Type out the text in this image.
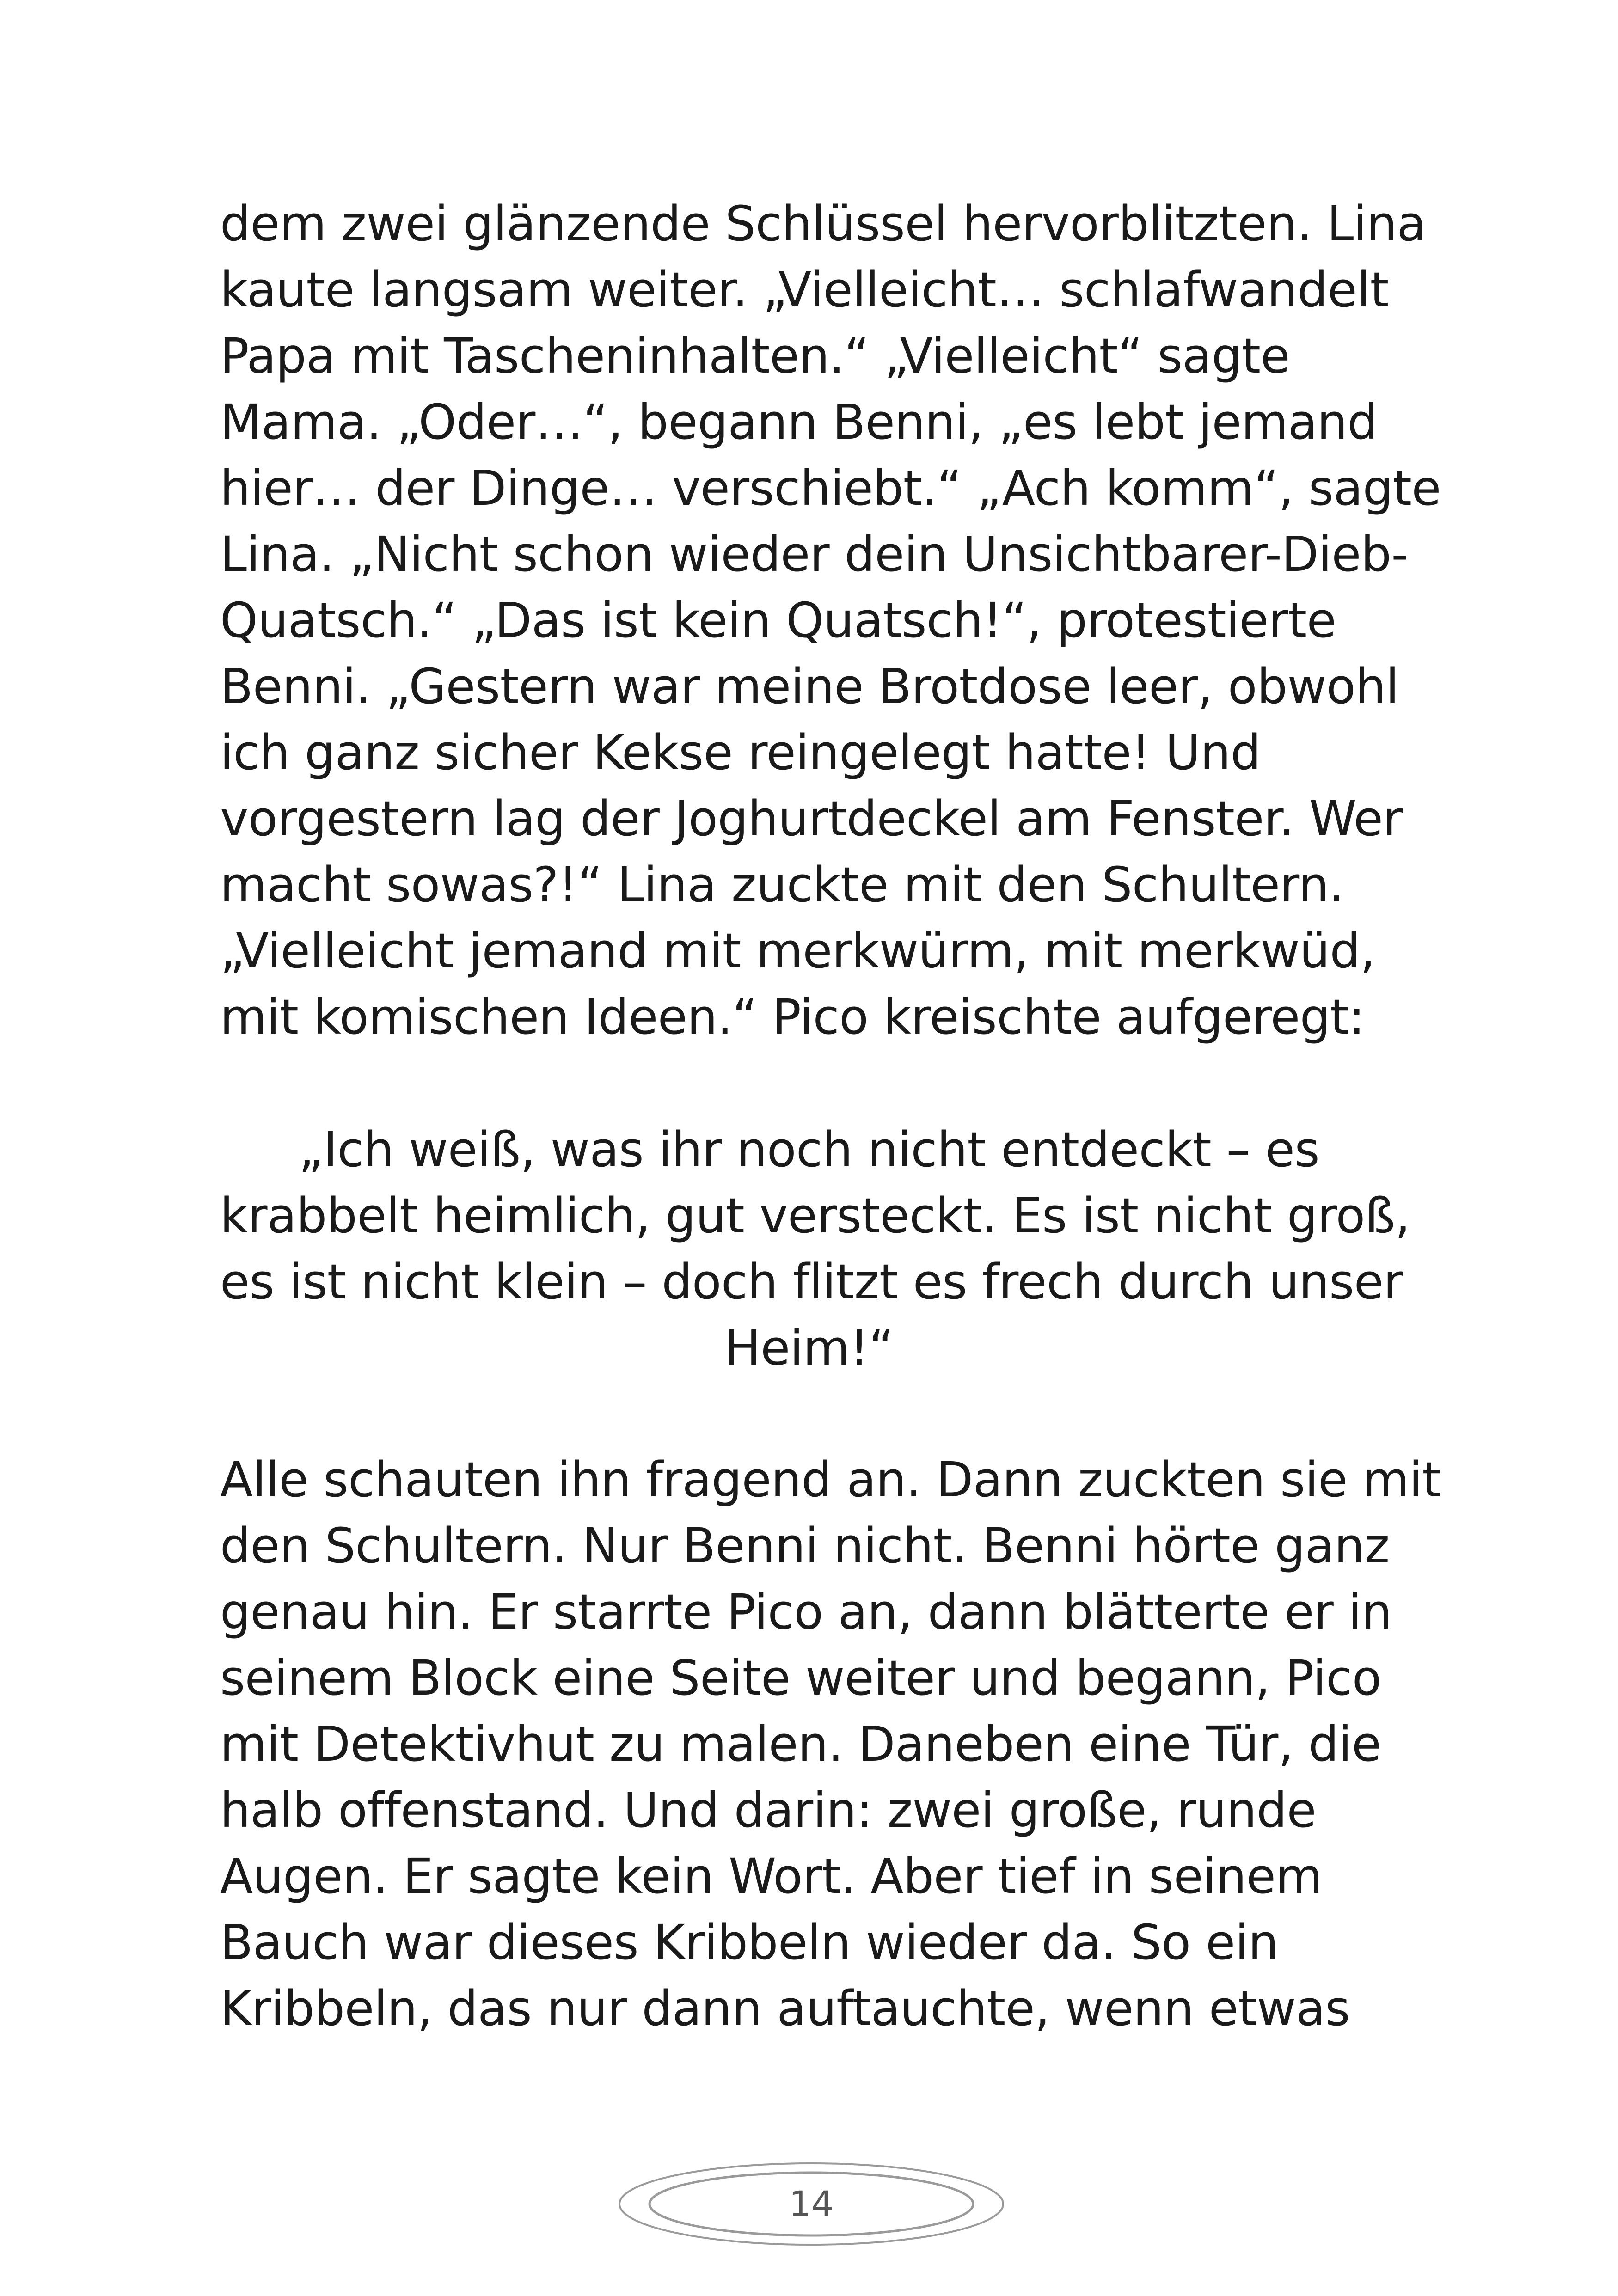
dem zwei glänzende Schlüssel hervorblitzten. Lina
kaute langsam weiter. „Vielleicht… schlafwandelt
Papa mit Tascheninhalten.“ „Vielleicht“ sagte
Mama. „Oder…“, begann Benni, „es lebt jemand
hier… der Dinge… verschiebt.“ „Ach komm“, sagte
Lina. „Nicht schon wieder dein Unsichtbarer-Dieb-
Quatsch.“ „Das ist kein Quatsch!“, protestierte
Benni. „Gestern war meine Brotdose leer, obwohl
ich ganz sicher Kekse reingelegt hatte! Und
vorgestern lag der Joghurtdeckel am Fenster. Wer
macht sowas?!“ Lina zuckte mit den Schultern.
„Vielleicht jemand mit merkwürm, mit merkwüd,
mit komischen Ideen.“ Pico kreischte aufgeregt:
„Ich weiß, was ihr noch nicht entdeckt – es
krabbelt heimlich, gut versteckt. Es ist nicht groß,
es ist nicht klein – doch flitzt es frech durch unser
Heim!“
Alle schauten ihn fragend an. Dann zuckten sie mit
den Schultern. Nur Benni nicht. Benni hörte ganz
genau hin. Er starrte Pico an, dann blätterte er in
seinem Block eine Seite weiter und begann, Pico
mit Detektivhut zu malen. Daneben eine Tür, die
halb offenstand. Und darin: zwei große, runde
Augen. Er sagte kein Wort. Aber tief in seinem
Bauch war dieses Kribbeln wieder da. So ein
Kribbeln, das nur dann auftauchte, wenn etwas
14
